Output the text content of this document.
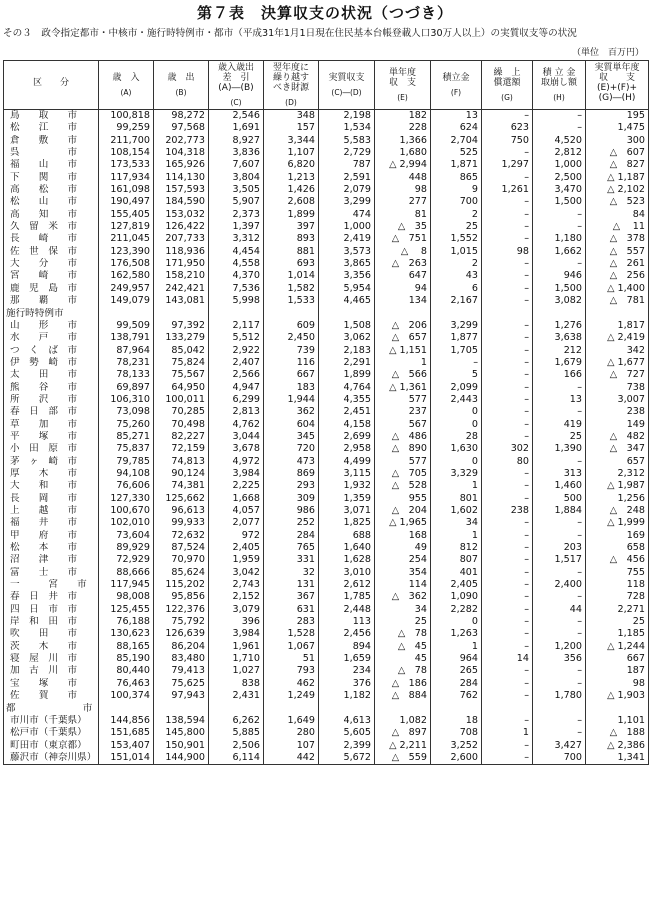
第７表　決算収支の状況（つづき）
その３　政令指定都市・中核市・施行時特例市・都市（平成31年1月1日現在住民基本台帳登載人口30万人以上）の実質収支等の状況
（単位　百万円）
区　　分	歳　入
(A)	歳　出
(B)	歳入歳出
差　引
(A)―(B)
(C)	翌年度に
繰り越す
べき財源
(D)	実質収支
(C)―(D)	単年度
収　支
(E)	積立金
(F)	繰　上
償還額
(G)	積 立 金
取崩し額
(H)	実質単年度
収　　支
(E)+(F)+
(G)―(H)

鳥　　取　　市	100,818	98,272	2,546	348	2,198	182	13	–	–	195
松　　江　　市	99,259	97,568	1,691	157	1,534	228	624	623	–	1,475
倉　　敷　　市	211,700	202,773	8,927	3,344	5,583	1,366	2,704	750	4,520	300
呉　　　　　市	108,154	104,318	3,836	1,107	2,729	1,680	525	–	2,812	△　607
福　　山　　市	173,533	165,926	7,607	6,820	787	△ 2,994	1,871	1,297	1,000	△　827
下　　関　　市	117,934	114,130	3,804	1,213	2,591	448	865	–	2,500	△ 1,187
高　　松　　市	161,098	157,593	3,505	1,426	2,079	98	9	1,261	3,470	△ 2,102
松　　山　　市	190,497	184,590	5,907	2,608	3,299	277	700	–	1,500	△　523
高　　知　　市	155,405	153,032	2,373	1,899	474	81	2	–	–	84
久　留　米　市	127,819	126,422	1,397	397	1,000	△　35	25	–	–	△　 11
長　　崎　　市	211,045	207,733	3,312	893	2,419	△　751	1,552	–	1,180	△　378
佐　世　保　市	123,390	118,936	4,454	881	3,573	△　 8	1,015	98	1,662	△　557
大　　分　　市	176,508	171,950	4,558	693	3,865	△　263	2	–	–	△　261
宮　　崎　　市	162,580	158,210	4,370	1,014	3,356	647	43	–	946	△　256
鹿　児　島　市	249,957	242,421	7,536	1,582	5,954	94	6	–	1,500	△ 1,400
那　　覇　　市	149,079	143,081	5,998	1,533	4,465	134	2,167	–	3,082	△　781
施行時特例市										
山　　形　　市	99,509	97,392	2,117	609	1,508	△　206	3,299	–	1,276	1,817
水　　戸　　市	138,791	133,279	5,512	2,450	3,062	△　657	1,877	–	3,638	△ 2,419
つ　く　ば　市	87,964	85,042	2,922	739	2,183	△ 1,151	1,705	–	212	342
伊　勢　崎　市	78,231	75,824	2,407	116	2,291	1	–	–	1,679	△ 1,677
太　　田　　市	78,133	75,567	2,566	667	1,899	△　566	5	–	166	△　727
熊　　谷　　市	69,897	64,950	4,947	183	4,764	△ 1,361	2,099	–	–	738
所　　沢　　市	106,310	100,011	6,299	1,944	4,355	577	2,443	–	13	3,007
春　日　部　市	73,098	70,285	2,813	362	2,451	237	0	–	–	238
草　　加　　市	75,260	70,498	4,762	604	4,158	567	0	–	419	149
平　　塚　　市	85,271	82,227	3,044	345	2,699	△　486	28	–	25	△　482
小　田　原　市	75,837	72,159	3,678	720	2,958	△　890	1,630	302	1,390	△　347
茅　ヶ　崎　市	79,785	74,813	4,972	473	4,499	577	0	80	–	657
厚　　木　　市	94,108	90,124	3,984	869	3,115	△　705	3,329	–	313	2,312
大　　和　　市	76,606	74,381	2,225	293	1,932	△　528	1	–	1,460	△ 1,987
長　　岡　　市	127,330	125,662	1,668	309	1,359	955	801	–	500	1,256
上　　越　　市	100,670	96,613	4,057	986	3,071	△　204	1,602	238	1,884	△　248
福　　井　　市	102,010	99,933	2,077	252	1,825	△ 1,965	34	–	–	△ 1,999
甲　　府　　市	73,604	72,632	972	284	688	168	1	–	–	169
松　　本　　市	89,929	87,524	2,405	765	1,640	49	812	–	203	658
沼　　津　　市	72,929	70,970	1,959	331	1,628	254	807	–	1,517	△　456
富　　士　　市	88,666	85,624	3,042	32	3,010	354	401	–	–	755
一　　　宮　　市	117,945	115,202	2,743	131	2,612	114	2,405	–	2,400	118
春　日　井　市	98,008	95,856	2,152	367	1,785	△　362	1,090	–	–	728
四　日　市　市	125,455	122,376	3,079	631	2,448	34	2,282	–	44	2,271
岸　和　田　市	76,188	75,792	396	283	113	25	0	–	–	25
吹　　田　　市	130,623	126,639	3,984	1,528	2,456	△　78	1,263	–	–	1,185
茨　　木　　市	88,165	86,204	1,961	1,067	894	△　45	1	–	1,200	△ 1,244
寝　屋　川　市	85,190	83,480	1,710	51	1,659	45	964	14	356	667
加　古　川　市	80,440	79,413	1,027	793	234	△　78	265	–	–	187
宝　　塚　　市	76,463	75,625	838	462	376	△　186	284	–	–	98
佐　　賀　　市	100,374	97,943	2,431	1,249	1,182	△　884	762	–	1,780	△ 1,903
都　　　　　　　市										
市川市（千葉県）	144,856	138,594	6,262	1,649	4,613	1,082	18	–	–	1,101
松戸市（千葉県）	151,685	145,800	5,885	280	5,605	△　897	708	1	–	△　188
町田市（東京都）	153,407	150,901	2,506	107	2,399	△ 2,211	3,252	–	3,427	△ 2,386
藤沢市（神奈川県）	151,014	144,900	6,114	442	5,672	△　559	2,600	–	700	1,341
